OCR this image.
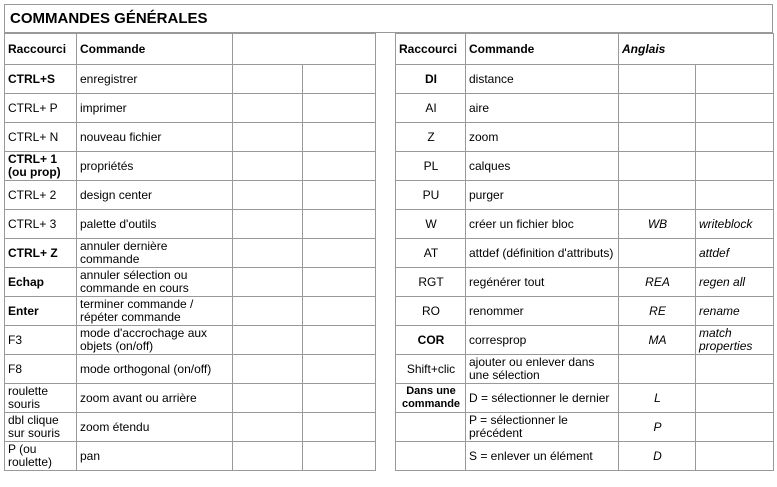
COMMANDES GÉNÉRALES
Raccourci	Commande		
CTRL+S	enregistrer		
CTRL+ P	imprimer		
CTRL+ N	nouveau fichier		
CTRL+ 1 (ou prop)	propriétés		
CTRL+ 2	design center		
CTRL+ 3	palette d'outils		
CTRL+ Z	annuler dernière commande		
Echap	annuler sélection ou commande en cours		
Enter	terminer commande / répéter commande		
F3	mode d'accrochage aux objets (on/off)		
F8	mode orthogonal (on/off)		
roulette souris	zoom avant ou arrière		
dbl clique sur souris	zoom étendu		
P (ou roulette)	pan		
Raccourci	Commande	Anglais	
DI	distance		
AI	aire		
Z	zoom		
PL	calques		
PU	purger		
W	créer un fichier bloc	WB	writeblock
AT	attdef (définition d'attributs)		attdef
RGT	regénérer tout	REA	regen all
RO	renommer	RE	rename
COR	corresprop	MA	match properties
Shift+clic	ajouter ou enlever dans une sélection		
Dans une commande	D = sélectionner le dernier	L	
	P = sélectionner le précédent	P	
	S = enlever un élément	D	
